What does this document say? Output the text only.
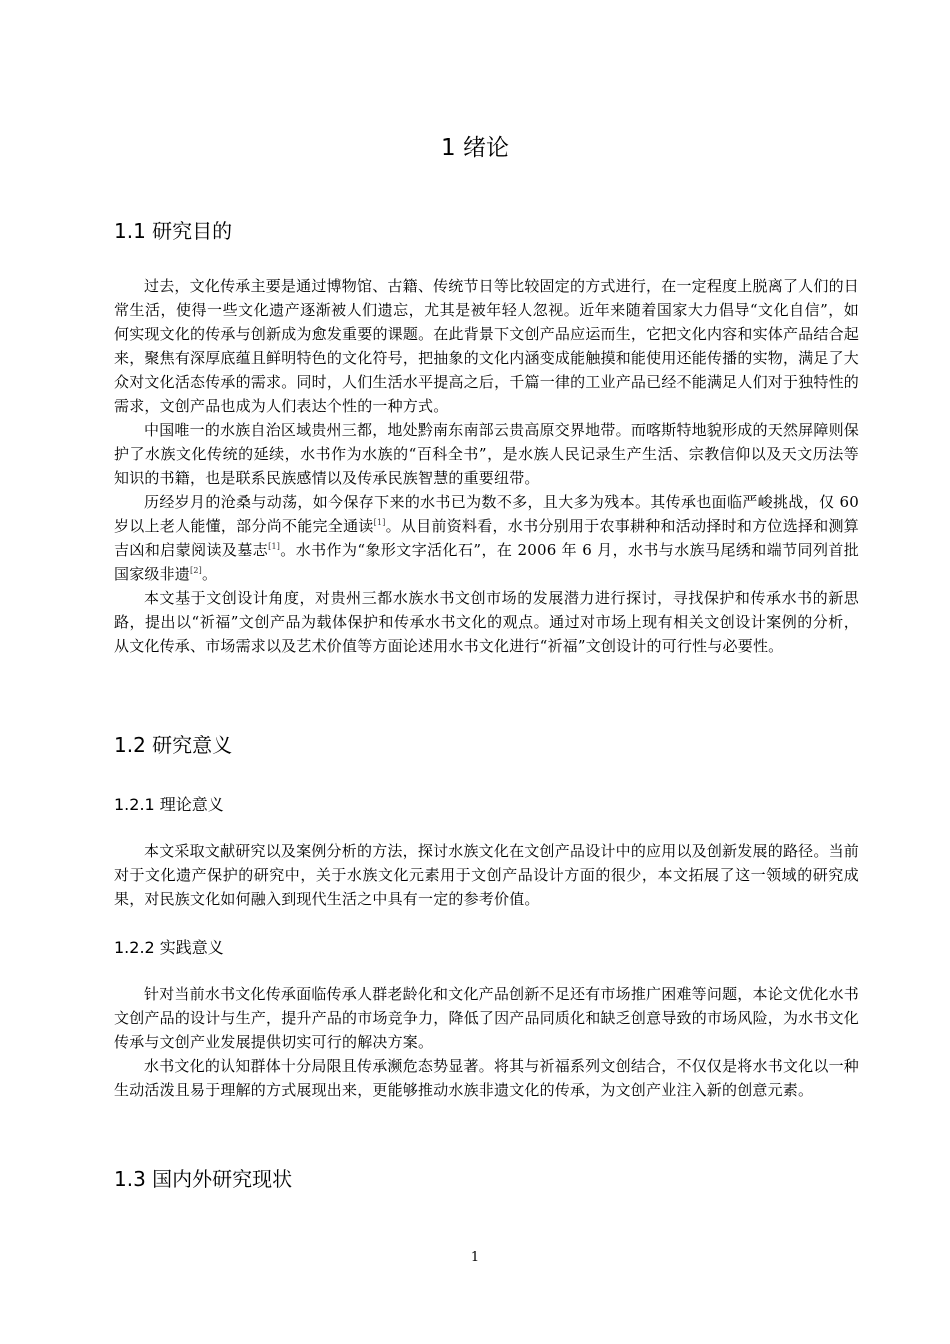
1 绪论
1.1 研究目的

过去，文化传承主要是通过博物馆、古籍、传统节日等比较固定的方式进行，在一定程度上脱离了人们的日常生活，使得一些文化遗产逐渐被人们遗忘，尤其是被年轻人忽视。近年来随着国家大力倡导“文化自信”，如何实现文化的传承与创新成为愈发重要的课题。在此背景下文创产品应运而生，它把文化内容和实体产品结合起来，聚焦有深厚底蕴且鲜明特色的文化符号，把抽象的文化内涵变成能触摸和能使用还能传播的实物，满足了大众对文化活态传承的需求。同时，人们生活水平提高之后，千篇一律的工业产品已经不能满足人们对于独特性的需求，文创产品也成为人们表达个性的一种方式。

中国唯一的水族自治区域贵州三都，地处黔南东南部云贵高原交界地带。而喀斯特地貌形成的天然屏障则保护了水族文化传统的延续，水书作为水族的“百科全书”，是水族人民记录生产生活、宗教信仰以及天文历法等知识的书籍，也是联系民族感情以及传承民族智慧的重要纽带。

历经岁月的沧桑与动荡，如今保存下来的水书已为数不多，且大多为残本。其传承也面临严峻挑战，仅 60 岁以上老人能懂，部分尚不能完全通读[1]。从目前资料看，水书分别用于农事耕种和活动择时和方位选择和测算吉凶和启蒙阅读及墓志[1]。水书作为“象形文字活化石”，在 2006 年 6 月，水书与水族马尾绣和端节同列首批国家级非遗[2]。

本文基于文创设计角度，对贵州三都水族水书文创市场的发展潜力进行探讨，寻找保护和传承水书的新思路，提出以“祈福”文创产品为载体保护和传承水书文化的观点。通过对市场上现有相关文创设计案例的分析，从文化传承、市场需求以及艺术价值等方面论述用水书文化进行“祈福”文创设计的可行性与必要性。

1.2 研究意义
1.2.1 理论意义

本文采取文献研究以及案例分析的方法，探讨水族文化在文创产品设计中的应用以及创新发展的路径。当前对于文化遗产保护的研究中，关于水族文化元素用于文创产品设计方面的很少，本文拓展了这一领域的研究成果，对民族文化如何融入到现代生活之中具有一定的参考价值。

1.2.2 实践意义

针对当前水书文化传承面临传承人群老龄化和文化产品创新不足还有市场推广困难等问题，本论文优化水书文创产品的设计与生产，提升产品的市场竞争力，降低了因产品同质化和缺乏创意导致的市场风险，为水书文化传承与文创产业发展提供切实可行的解决方案。

水书文化的认知群体十分局限且传承濒危态势显著。将其与祈福系列文创结合，不仅仅是将水书文化以一种生动活泼且易于理解的方式展现出来，更能够推动水族非遗文化的传承，为文创产业注入新的创意元素。

1.3 国内外研究现状
1
